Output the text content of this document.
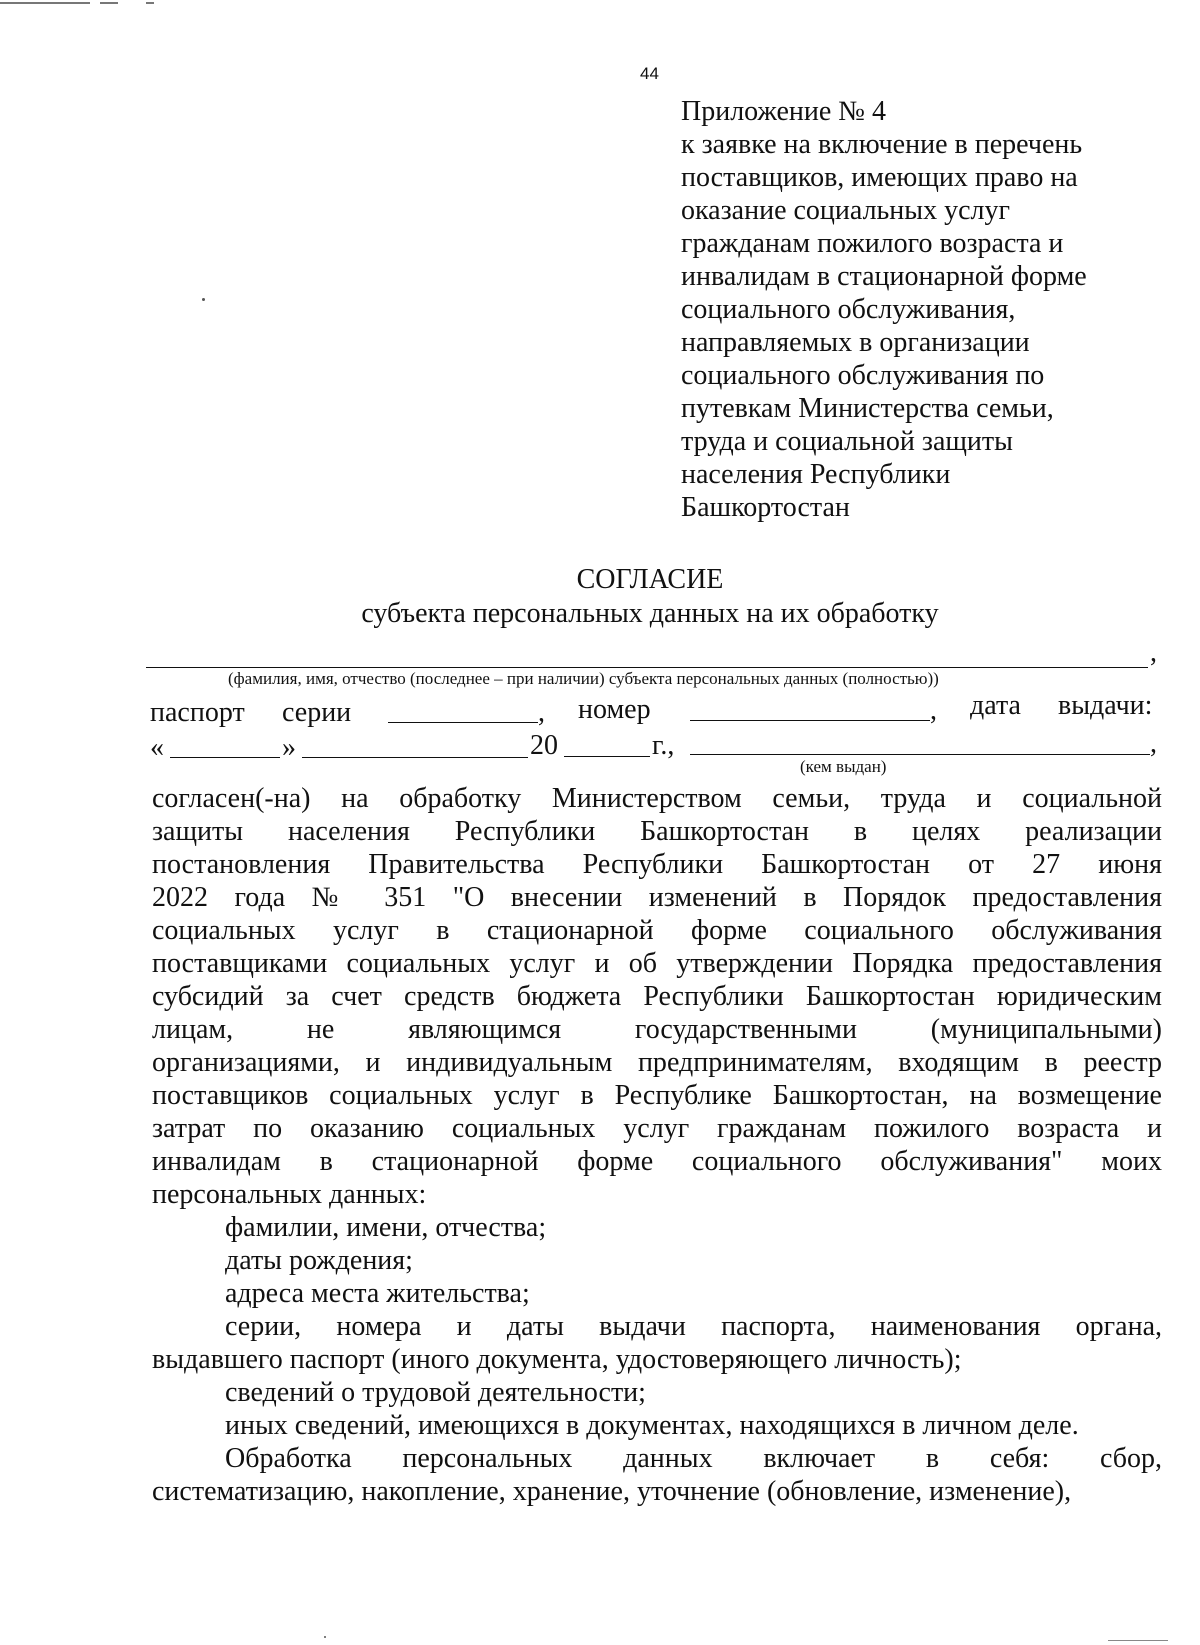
44
Приложение № 4
к заявке на включение в перечень
поставщиков, имеющих право на
оказание социальных услуг
гражданам пожилого возраста и
инвалидам в стационарной форме
социального обслуживания,
направляемых в организации
социального обслуживания по
путевкам Министерства семьи,
труда и социальной защиты
населения Республики
Башкортостан
СОГЛАСИЕ
субъекта персональных данных на их обработку
,
(фамилия, имя, отчество (последнее – при наличии) субъекта персональных данных (полностью))
паспорт серии	, номер	, дата выдачи:
«	»	20	г.,	,
(кем выдан)
согласен(-на) на обработку Министерством семьи, труда и социальной
защиты населения Республики Башкортостан в целях реализации
постановления Правительства Республики Башкортостан от 27 июня
2022 года № 351 "О внесении изменений в Порядок предоставления
социальных услуг в стационарной форме социального обслуживания
поставщиками социальных услуг и об утверждении Порядка предоставления
субсидий за счет средств бюджета Республики Башкортостан юридическим
лицам, не являющимся государственными (муниципальными)
организациями, и индивидуальным предпринимателям, входящим в реестр
поставщиков социальных услуг в Республике Башкортостан, на возмещение
затрат по оказанию социальных услуг гражданам пожилого возраста и
инвалидам в стационарной форме социального обслуживания" моих
персональных данных:
фамилии, имени, отчества;
даты рождения;
адреса места жительства;
серии, номера и даты выдачи паспорта, наименования органа,
выдавшего паспорт (иного документа, удостоверяющего личность);
сведений о трудовой деятельности;
иных сведений, имеющихся в документах, находящихся в личном деле.
Обработка персональных данных включает в себя: сбор,
систематизацию, накопление, хранение, уточнение (обновление, изменение),
